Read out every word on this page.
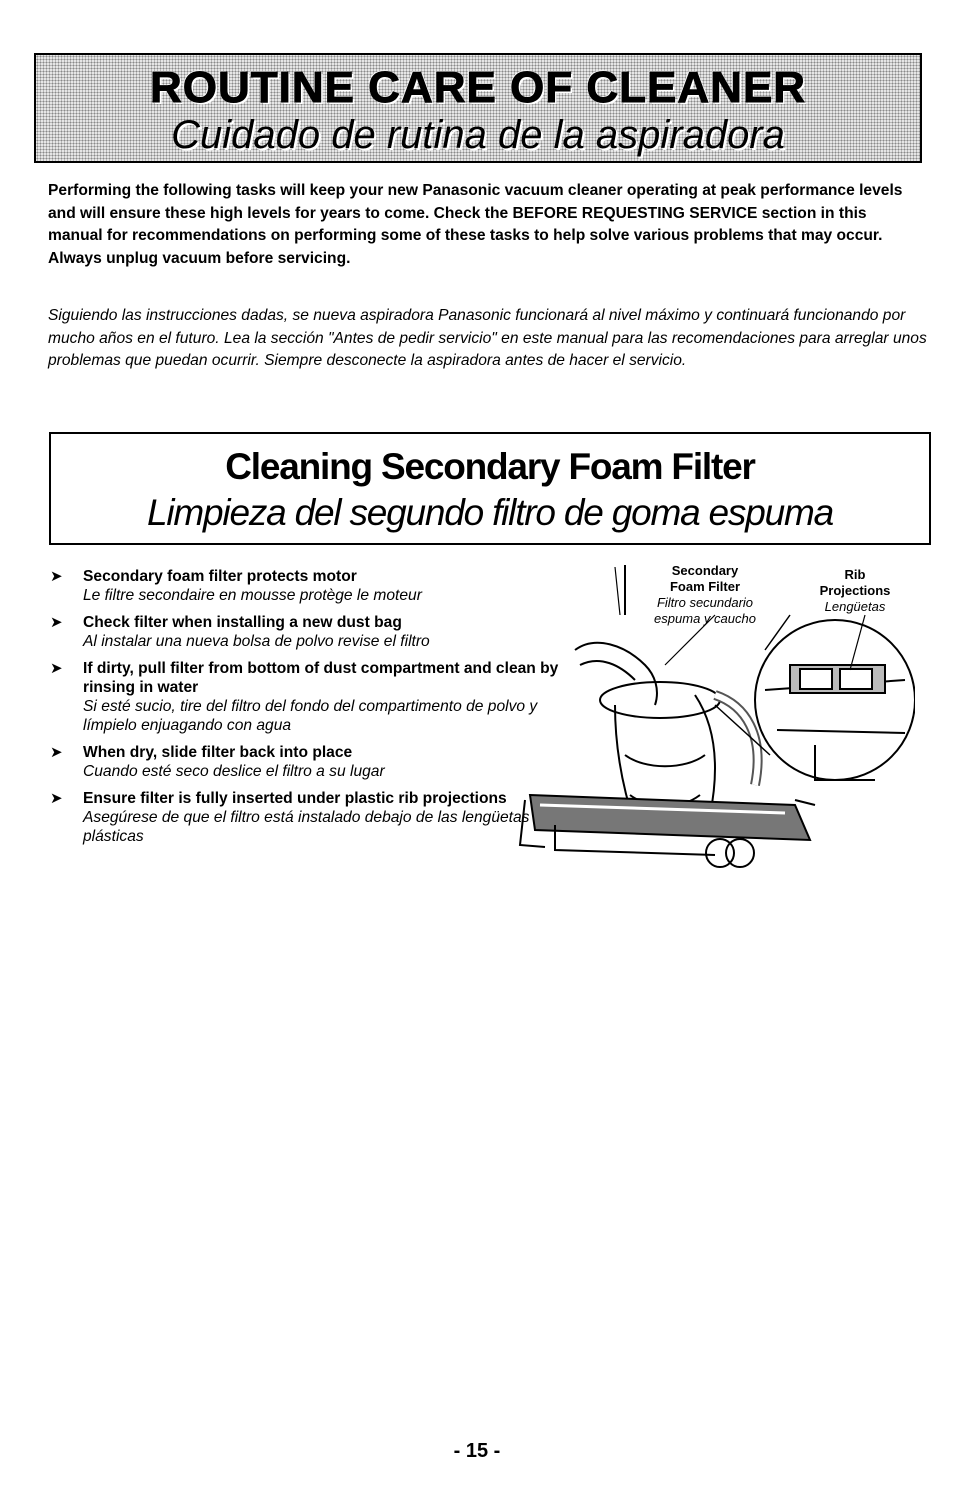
ROUTINE CARE OF CLEANER
Cuidado de rutina de la aspiradora

Performing the following tasks will keep your new Panasonic vacuum cleaner operating at peak performance levels and will ensure these high levels for years to come. Check the BEFORE REQUESTING SERVICE section in this manual for recommendations on performing some of these tasks to help solve various problems that may occur. Always unplug vacuum before servicing.

Siguiendo las instrucciones dadas, se nueva aspiradora Panasonic funcionará al nivel máximo y continuará funcionando por mucho años en el futuro. Lea la sección "Antes de pedir servicio" en este manual para las recomendaciones para arreglar unos problemas que puedan ocurrir. Siempre desconecte la aspiradora antes de hacer el servicio.

Cleaning Secondary Foam Filter
Limpieza del segundo filtro de goma espuma
➤ Secondary foam filter protects motor
Le filtre secondaire en mousse protège le moteur
➤ Check filter when installing a new dust bag
Al instalar una nueva bolsa de polvo revise el filtro
➤ If dirty, pull filter from bottom of dust compartment and clean by rinsing in water
Si esté sucio, tire del filtro del fondo del compartimento de polvo y límpielo enjuagando con agua
➤ When dry, slide filter back into place
Cuando esté seco deslice el filtro a su lugar
➤ Ensure filter is fully inserted under plastic rib projections
Asegúrese de que el filtro está instalado debajo de las lengüetas plásticas
Secondary
Foam Filter
Filtro secundario
espuma y caucho
Rib
Projections
Lengüetas
- 15 -
